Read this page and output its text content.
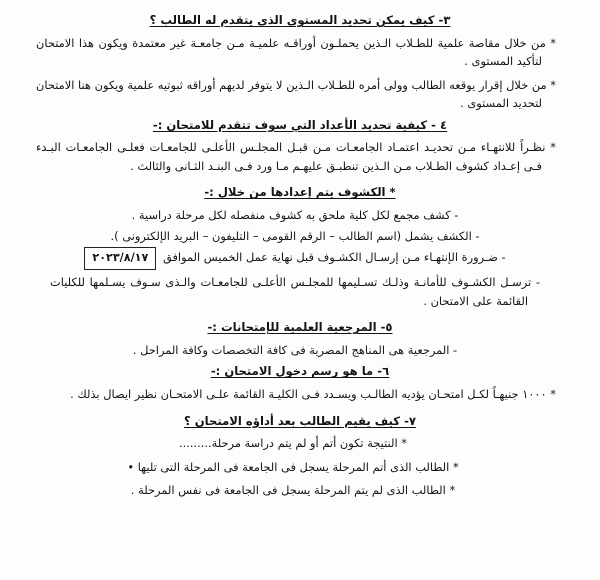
٣- كيف يمكن تحديد المستوى الذى يتقدم له الطالب ؟
* من خلال مقاصة علمية للطـلاب الـذين يحملـون أوراقـه علميـة مـن جامعـة غير معتمدة ويكون هذا الامتحان لتأكيد المستوى .
* من خلال إقرار يوقعه الطالب وولى أمره للطـلاب الـذين لا يتوفر لديهم أوراقه ثبوتيه علمية ويكون هنا الامتحان لتحديد المستوى .
٤ - كيفية تحديد الأعداد التي سوف تتقدم للامتحان :-
* نظـراً للانتهـاء مـن تحديـد اعتمـاد الجامعـات مـن قبـل المجلـس الأعلـى للجامعـات فعلـى الجامعـات البـدء فـى إعـداد كشوف الطـلاب مـن الـذين تنطبـق عليهـم مـا ورد فـى البنـد الثـانى والثالث .
* الكشوف يتم إعدادها من خلال :-
- كشف مجمع لكل كلية ملحق به كشوف منفصله لكل مرحلة دراسية .
- الكشف يشمل (اسم الطالب – الرقم القومى – التليفون – البريد الإلكترونى ).
- ضـرورة الإنتهـاء مـن إرسـال الكشـوف قبل نهاية عمل الخميس الموافق ٢٠٢٣/٨/١٧
- ترسـل الكشـوف للأمانـة وذلـك تسـليمها للمجلـس الأعلـى للجامعـات والـذى سـوف يسـلمها للكليات القائمة على الامتحان .
٥- المرجعية العلمية للإمتحانات :-
- المرجعية هى المناهج المصرية فى كافة التخصصات وكافة المراحل .
٦- ما هو رسم دخول الامتحان :-
* ١٠٠٠ جنيهـاً لكـل امتحـان يؤديه الطالـب ويسـدد فـى الكليـة القائمة علـى الامتحـان نظير ايصال بذلك .
٧- كيف يقيم الطالب بعد أداؤه الامتحان ؟
* النتيجة تكون أتم أو لم يتم دراسة مرحلة.........
* الطالب الذى أتم المرحلة يسجل فى الجامعة فى المرحلة التى تليها •
* الطالب الذى لم يتم المرحلة يسجل فى الجامعة فى نفس المرحلة .
